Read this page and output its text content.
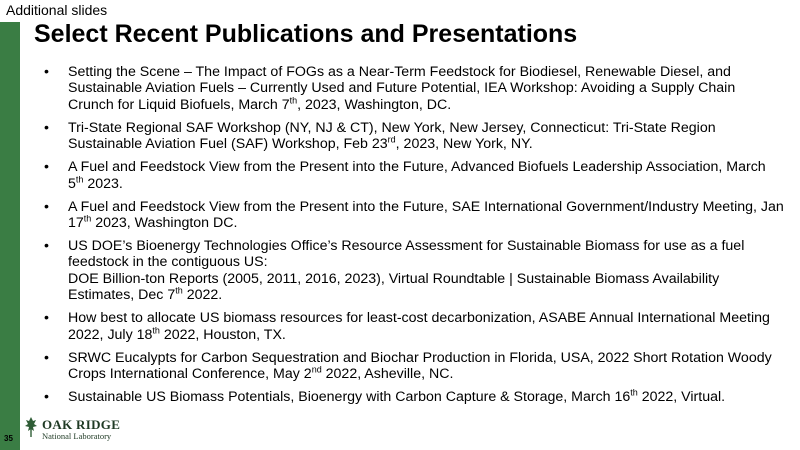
Additional slides
Select Recent Publications and Presentations
• Setting the Scene – The Impact of FOGs as a Near-Term Feedstock for Biodiesel, Renewable Diesel, and Sustainable Aviation Fuels – Currently Used and Future Potential, IEA Workshop: Avoiding a Supply Chain Crunch for Liquid Biofuels, March 7th, 2023, Washington, DC.
• Tri-State Regional SAF Workshop (NY, NJ & CT), New York, New Jersey, Connecticut: Tri-State Region Sustainable Aviation Fuel (SAF) Workshop, Feb 23rd, 2023, New York, NY.
• A Fuel and Feedstock View from the Present into the Future, Advanced Biofuels Leadership Association, March 5th 2023.
• A Fuel and Feedstock View from the Present into the Future, SAE International Government/Industry Meeting, Jan 17th 2023, Washington DC.
• US DOE’s Bioenergy Technologies Office’s Resource Assessment for Sustainable Biomass for use as a fuel feedstock in the contiguous US:
DOE Billion-ton Reports (2005, 2011, 2016, 2023), Virtual Roundtable | Sustainable Biomass Availability Estimates, Dec 7th 2022.
• How best to allocate US biomass resources for least-cost decarbonization, ASABE Annual International Meeting 2022, July 18th 2022, Houston, TX.
• SRWC Eucalypts for Carbon Sequestration and Biochar Production in Florida, USA, 2022 Short Rotation Woody Crops International Conference, May 2nd 2022, Asheville, NC.
• Sustainable US Biomass Potentials, Bioenergy with Carbon Capture & Storage, March 16th 2022, Virtual.
35
OAK RIDGE
National Laboratory
